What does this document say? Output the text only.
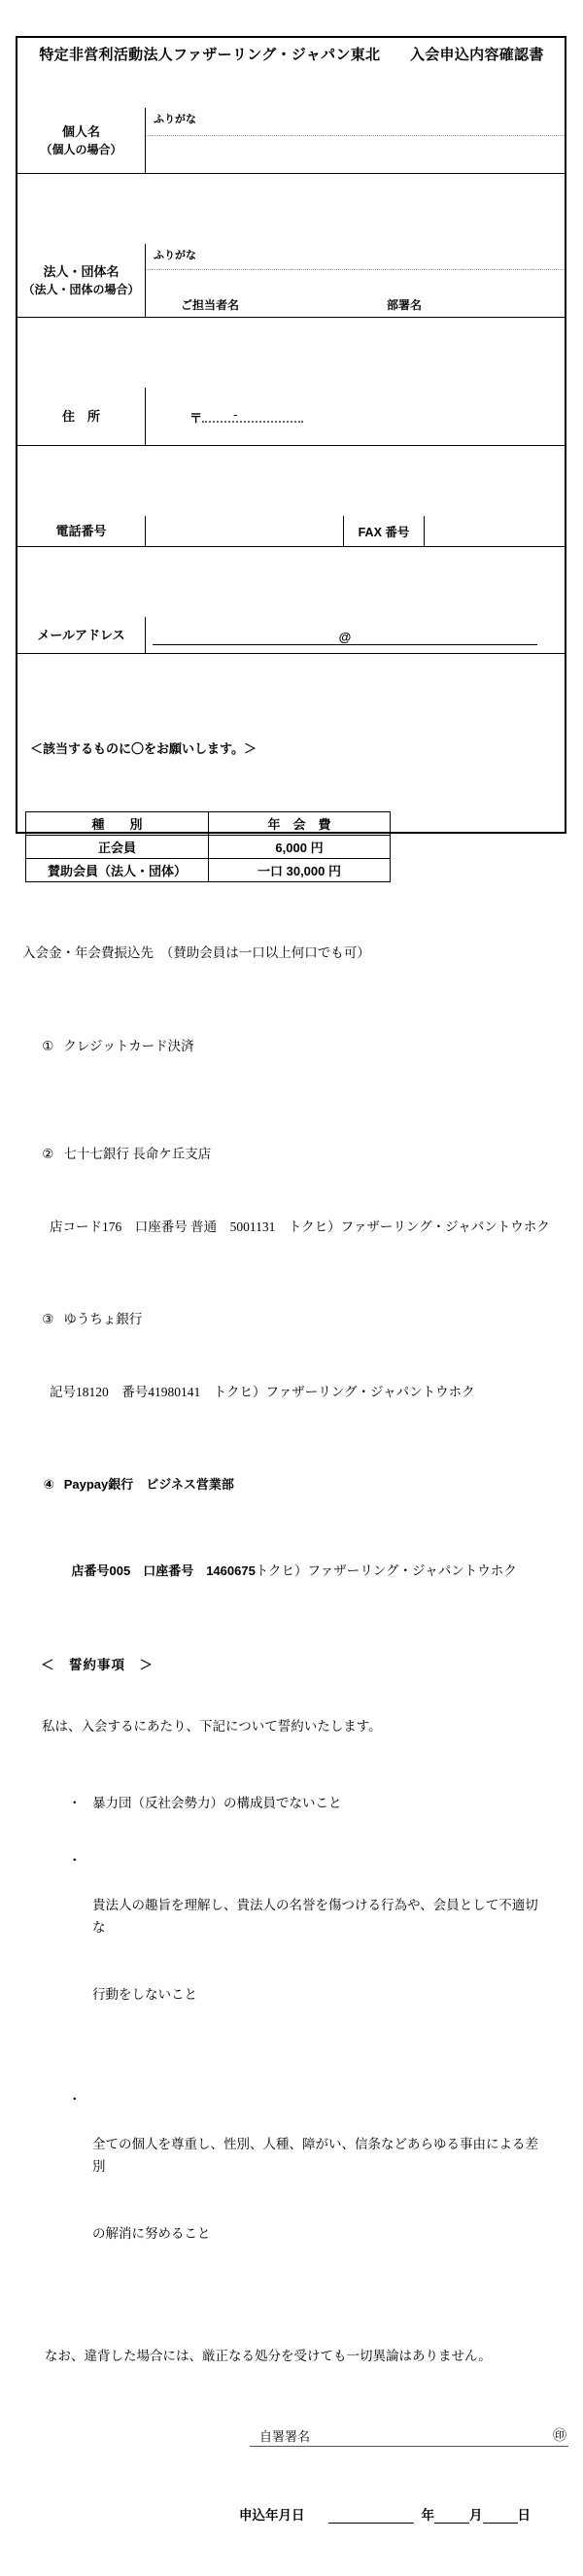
特定非営利活動法人ファザーリング・ジャパン東北　　入会申込内容確認書

個人名
（個人の場合）
ふりがな

法人・団体名
（法人・団体の場合）
ふりがな
ご担当者名	部署名

住　所	〒 -

電話番号	FAX 番号

メールアドレス	@

＜該当するものに〇をお願いします。＞

種　　別	年　会　費
正会員	6,000 円
賛助会員（法人・団体）	一口 30,000 円

入会金・年会費振込先　（賛助会員は一口以上何口でも可）

① クレジットカード決済

② 七十七銀行 長命ケ丘支店

店コード176　口座番号 普通　5001131　トクヒ）ファザーリング・ジャパントウホク

③ ゆうちょ銀行

記号18120　番号41980141　トクヒ）ファザーリング・ジャパントウホク

④ Paypay銀行　ビジネス営業部

店番号005　口座番号　1460675トクヒ）ファザーリング・ジャパントウホク

＜　誓約事項　＞

私は、入会するにあたり、下記について誓約いたします。

・ 暴力団（反社会勢力）の構成員でないこと

・

貴法人の趣旨を理解し、貴法人の名誉を傷つける行為や、会員として不適切な

行動をしないこと

・

全ての個人を尊重し、性別、人種、障がい、信条などあらゆる事由による差別

の解消に努めること

なお、違背した場合には、厳正なる処分を受けても一切異論はありません。

自署署名	㊞

申込年月日	年	月	日
